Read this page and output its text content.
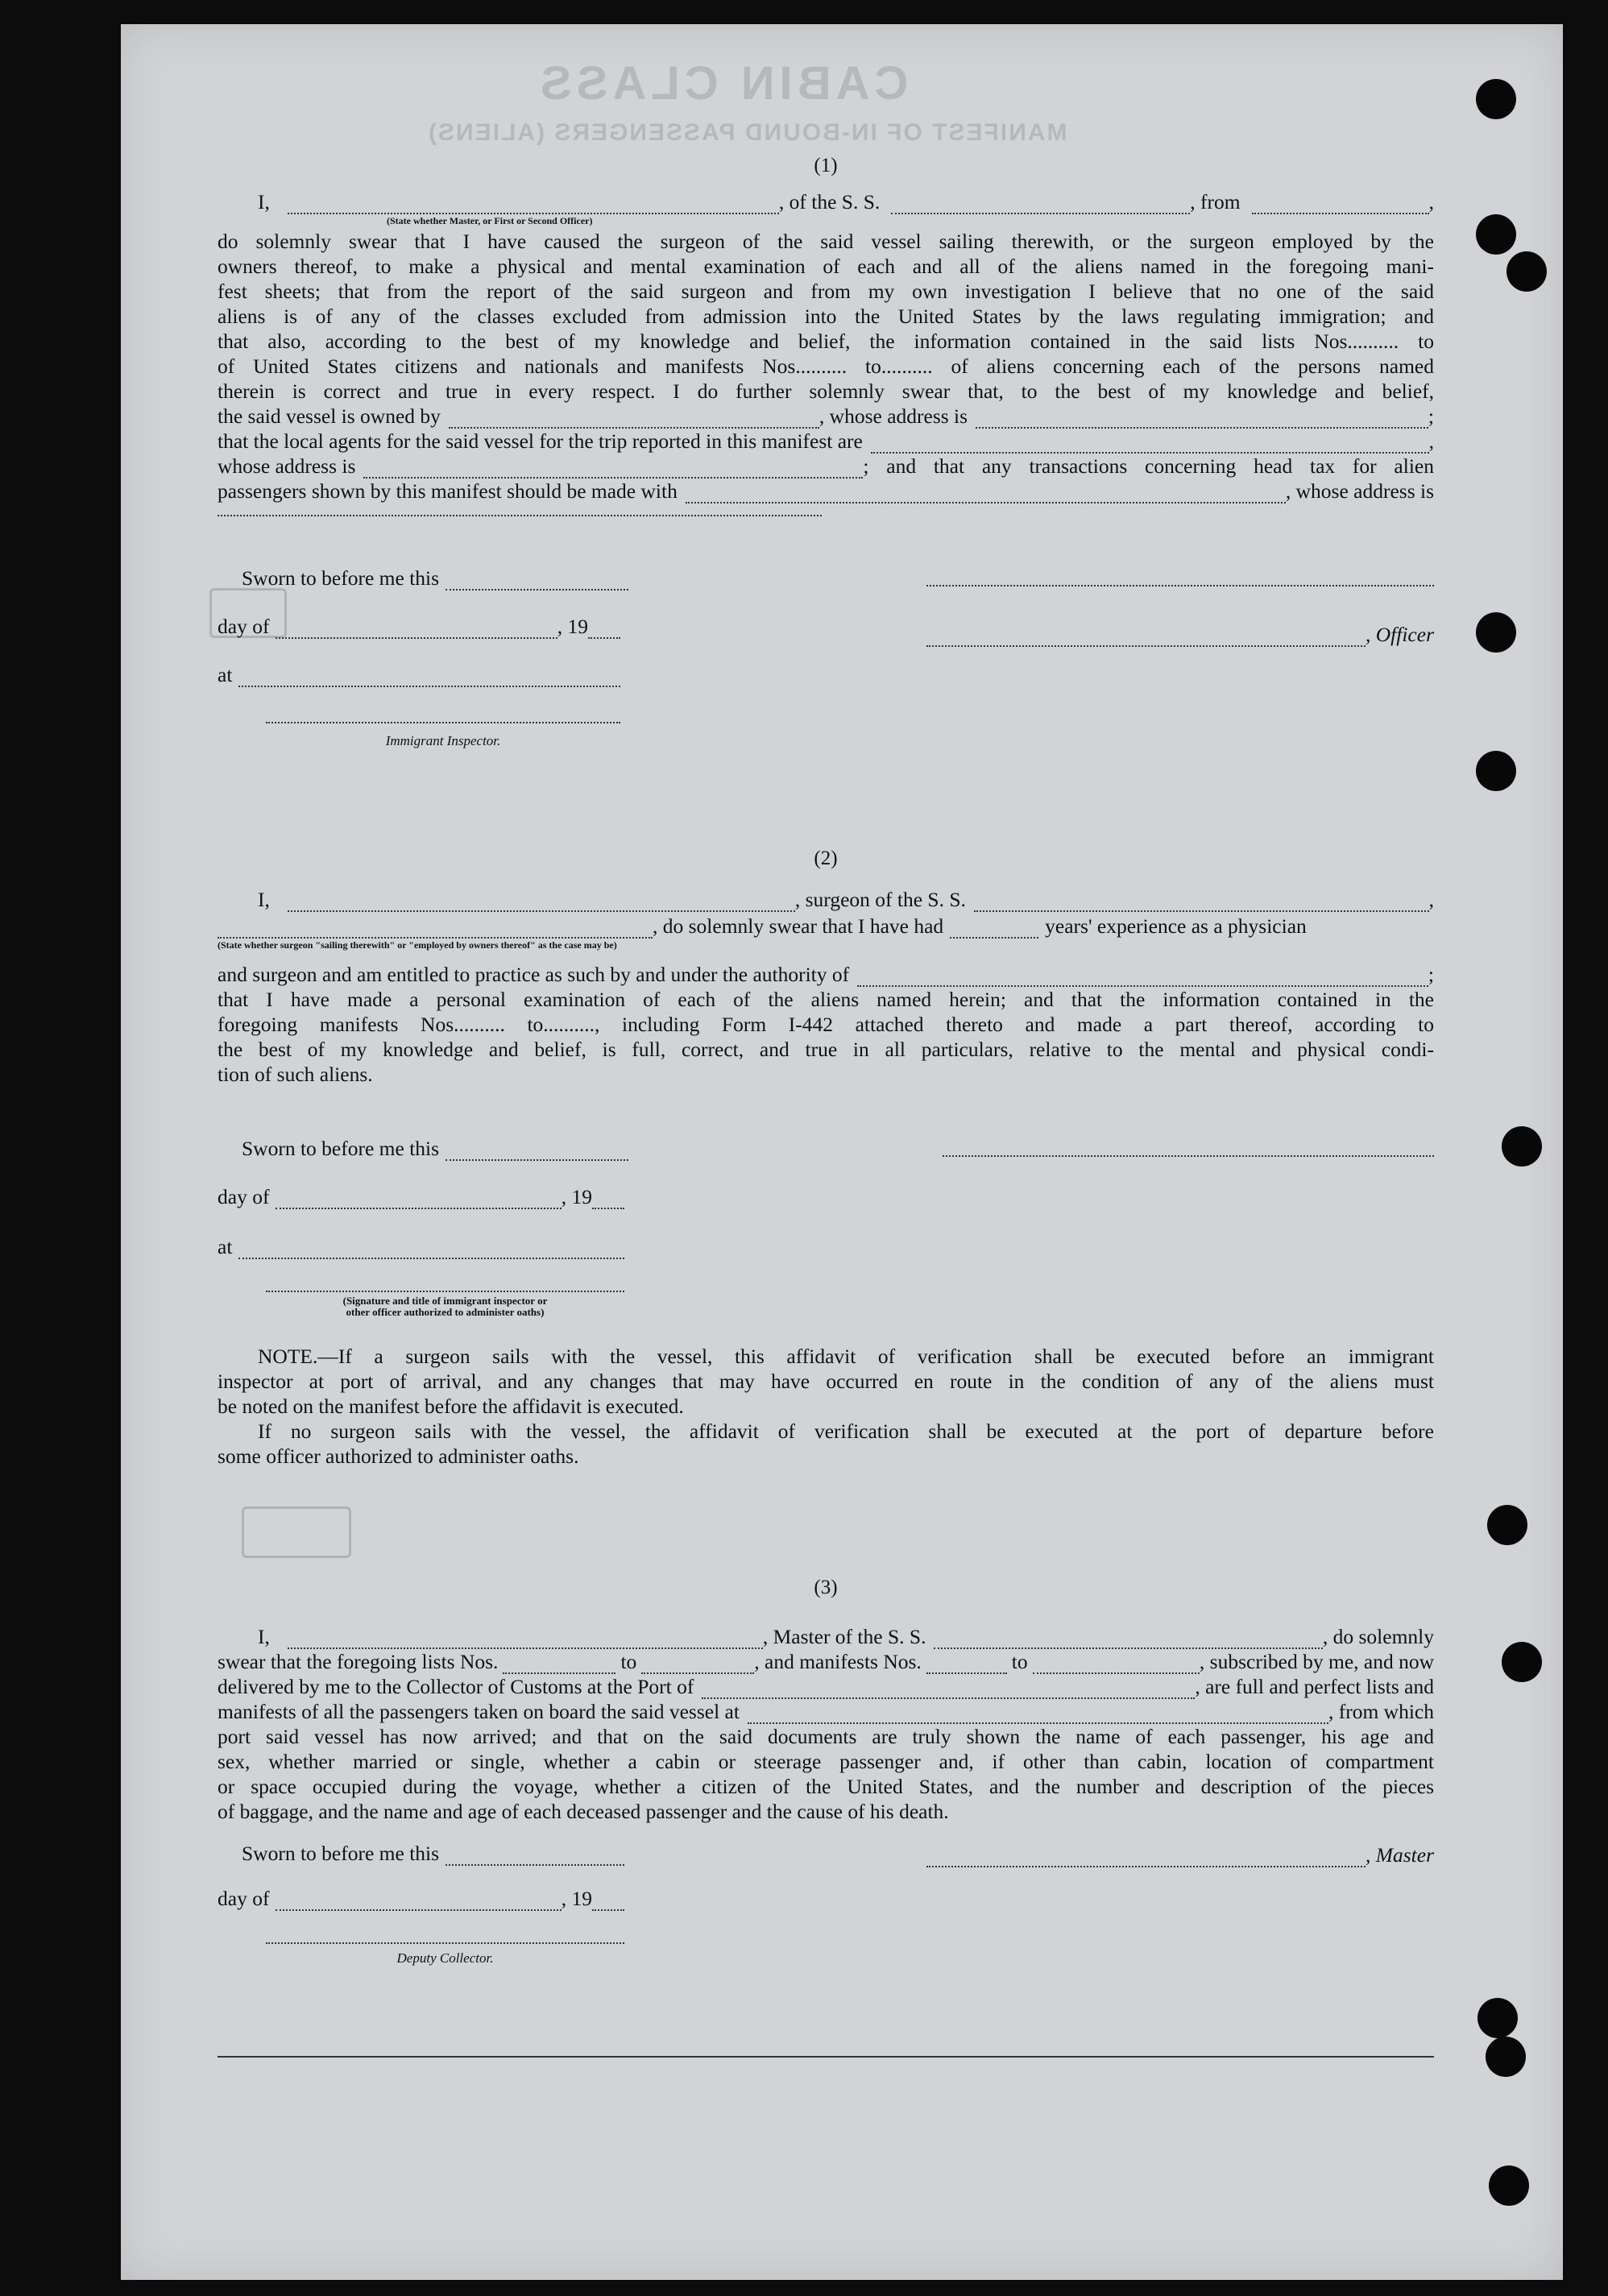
CABIN CLASS
MANIFEST OF IN-BOUND PASSENGERS (ALIENS)
(1)
I,	, of the S. S.	, from	,
(State whether Master, or First or Second Officer)
do solemnly swear that I have caused the surgeon of the said vessel sailing therewith, or the surgeon employed by the
owners thereof, to make a physical and mental examination of each and all of the aliens named in the foregoing mani-
fest sheets; that from the report of the said surgeon and from my own investigation I believe that no one of the said
aliens is of any of the classes excluded from admission into the United States by the laws regulating immigration; and
that also, according to the best of my knowledge and belief, the information contained in the said lists Nos.......... to
of United States citizens and nationals and manifests Nos.......... to.......... of aliens concerning each of the persons named
therein is correct and true in every respect. I do further solemnly swear that, to the best of my knowledge and belief,
the said vessel is owned by	, whose address is	;
that the local agents for the said vessel for the trip reported in this manifest are	,
whose address is	; and that any transactions concerning head tax for alien
passengers shown by this manifest should be made with	, whose address is
Sworn to before me this
day of	, 19
at
Immigrant Inspector.
, Officer
(2)
I,	, surgeon of the S. S.	,
, do solemnly swear that I have had	years' experience as a physician
(State whether surgeon "sailing therewith" or "employed by owners thereof" as the case may be)
and surgeon and am entitled to practice as such by and under the authority of	;
that I have made a personal examination of each of the aliens named herein; and that the information contained in the
foregoing manifests Nos.......... to.........., including Form I-442 attached thereto and made a part thereof, according to
the best of my knowledge and belief, is full, correct, and true in all particulars, relative to the mental and physical condi-
tion of such aliens.
Sworn to before me this
day of	, 19
at
(Signature and title of immigrant inspector or
other officer authorized to administer oaths)
NOTE.—If a surgeon sails with the vessel, this affidavit of verification shall be executed before an immigrant
inspector at port of arrival, and any changes that may have occurred en route in the condition of any of the aliens must
be noted on the manifest before the affidavit is executed.
If no surgeon sails with the vessel, the affidavit of verification shall be executed at the port of departure before
some officer authorized to administer oaths.
(3)
I,	, Master of the S. S.	, do solemnly
swear that the foregoing lists Nos.	to	, and manifests Nos.	to	, subscribed by me, and now
delivered by me to the Collector of Customs at the Port of	, are full and perfect lists and
manifests of all the passengers taken on board the said vessel at	, from which
port said vessel has now arrived; and that on the said documents are truly shown the name of each passenger, his age and
sex, whether married or single, whether a cabin or steerage passenger and, if other than cabin, location of compartment
or space occupied during the voyage, whether a citizen of the United States, and the number and description of the pieces
of baggage, and the name and age of each deceased passenger and the cause of his death.
Sworn to before me this
day of	, 19
Deputy Collector.
, Master
